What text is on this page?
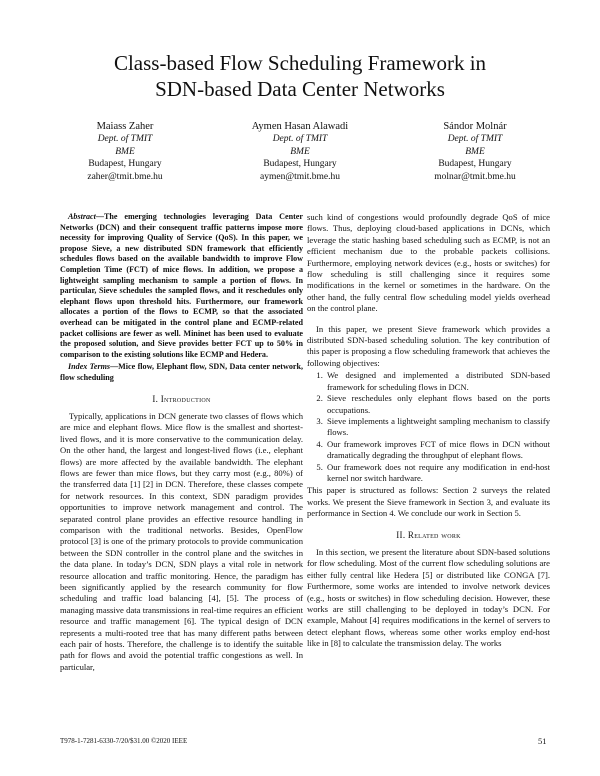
Class-based Flow Scheduling Framework in
SDN-based Data Center Networks
Maiass Zaher
Dept. of TMIT
BME
Budapest, Hungary
zaher@tmit.bme.hu
Aymen Hasan Alawadi
Dept. of TMIT
BME
Budapest, Hungary
aymen@tmit.bme.hu
Sándor Molnár
Dept. of TMIT
BME
Budapest, Hungary
molnar@tmit.bme.hu

Abstract—The emerging technologies leveraging Data Center Networks (DCN) and their consequent traffic patterns impose more necessity for improving Quality of Service (QoS). In this paper, we propose Sieve, a new distributed SDN framework that efficiently schedules flows based on the available bandwidth to improve Flow Completion Time (FCT) of mice flows. In addition, we propose a lightweight sampling mechanism to sample a portion of flows. In particular, Sieve schedules the sampled flows, and it reschedules only elephant flows upon threshold hits. Furthermore, our framework allocates a portion of the flows to ECMP, so that the associated overhead can be mitigated in the control plane and ECMP-related packet collisions are fewer as well. Mininet has been used to evaluate the proposed solution, and Sieve provides better FCT up to 50% in comparison to the existing solutions like ECMP and Hedera.

Index Terms—Mice flow, Elephant flow, SDN, Data center network, flow scheduling

I. Introduction

Typically, applications in DCN generate two classes of flows which are mice and elephant flows. Mice flow is the smallest and shortest-lived flows, and it is more conservative to the communication delay. On the other hand, the largest and longest-lived flows (i.e., elephant flows) are more affected by the available bandwidth. The elephant flows are fewer than mice flows, but they carry most (e.g., 80%) of the transferred data [1] [2] in DCN. Therefore, these classes compete for network resources. In this context, SDN paradigm provides opportunities to improve network management and control. The separated control plane provides an effective resource handling in comparison with the traditional networks. Besides, OpenFlow protocol [3] is one of the primary protocols to provide communication between the SDN controller in the control plane and the switches in the data plane. In today’s DCN, SDN plays a vital role in network resource allocation and traffic monitoring. Hence, the paradigm has been significantly applied by the research community for flow scheduling and traffic load balancing [4], [5]. The process of managing massive data transmissions in real-time requires an efficient resource and traffic management [6]. The typical design of DCN represents a multi-rooted tree that has many different paths between each pair of hosts. Therefore, the challenge is to identify the suitable path for flows and avoid the potential traffic congestions as well. In particular,

such kind of congestions would profoundly degrade QoS of mice flows. Thus, deploying cloud-based applications in DCNs, which leverage the static hashing based scheduling such as ECMP, is not an efficient mechanism due to the probable packets collisions. Furthermore, employing network devices (e.g., hosts or switches) for flow scheduling is still challenging since it requires some modifications in the kernel or sometimes in the hardware. On the other hand, the fully central flow scheduling model yields overhead on the control plane.

In this paper, we present Sieve framework which provides a distributed SDN-based scheduling solution. The key contribution of this paper is proposing a flow scheduling framework that achieves the following objectives:

1. We designed and implemented a distributed SDN-based framework for scheduling flows in DCN.
2. Sieve reschedules only elephant flows based on the ports occupations.
3. Sieve implements a lightweight sampling mechanism to classify flows.
4. Our framework improves FCT of mice flows in DCN without dramatically degrading the throughput of elephant flows.
5. Our framework does not require any modification in end-host kernel nor switch hardware.

This paper is structured as follows: Section 2 surveys the related works. We present the Sieve framework in Section 3, and evaluate its performance in Section 4. We conclude our work in Section 5.

II. Related work

In this section, we present the literature about SDN-based solutions for flow scheduling. Most of the current flow scheduling solutions are either fully central like Hedera [5] or distributed like CONGA [7]. Furthermore, some works are intended to involve network devices (e.g., hosts or switches) in flow scheduling decision. However, these works are still challenging to be deployed in today’s DCN. For example, Mahout [4] requires modifications in the kernel of servers to detect elephant flows, whereas some other works employ end-host like in [8] to calculate the transmission delay. The works

T978-1-7281-6330-7/20/$31.00 ©2020 IEEE	51
